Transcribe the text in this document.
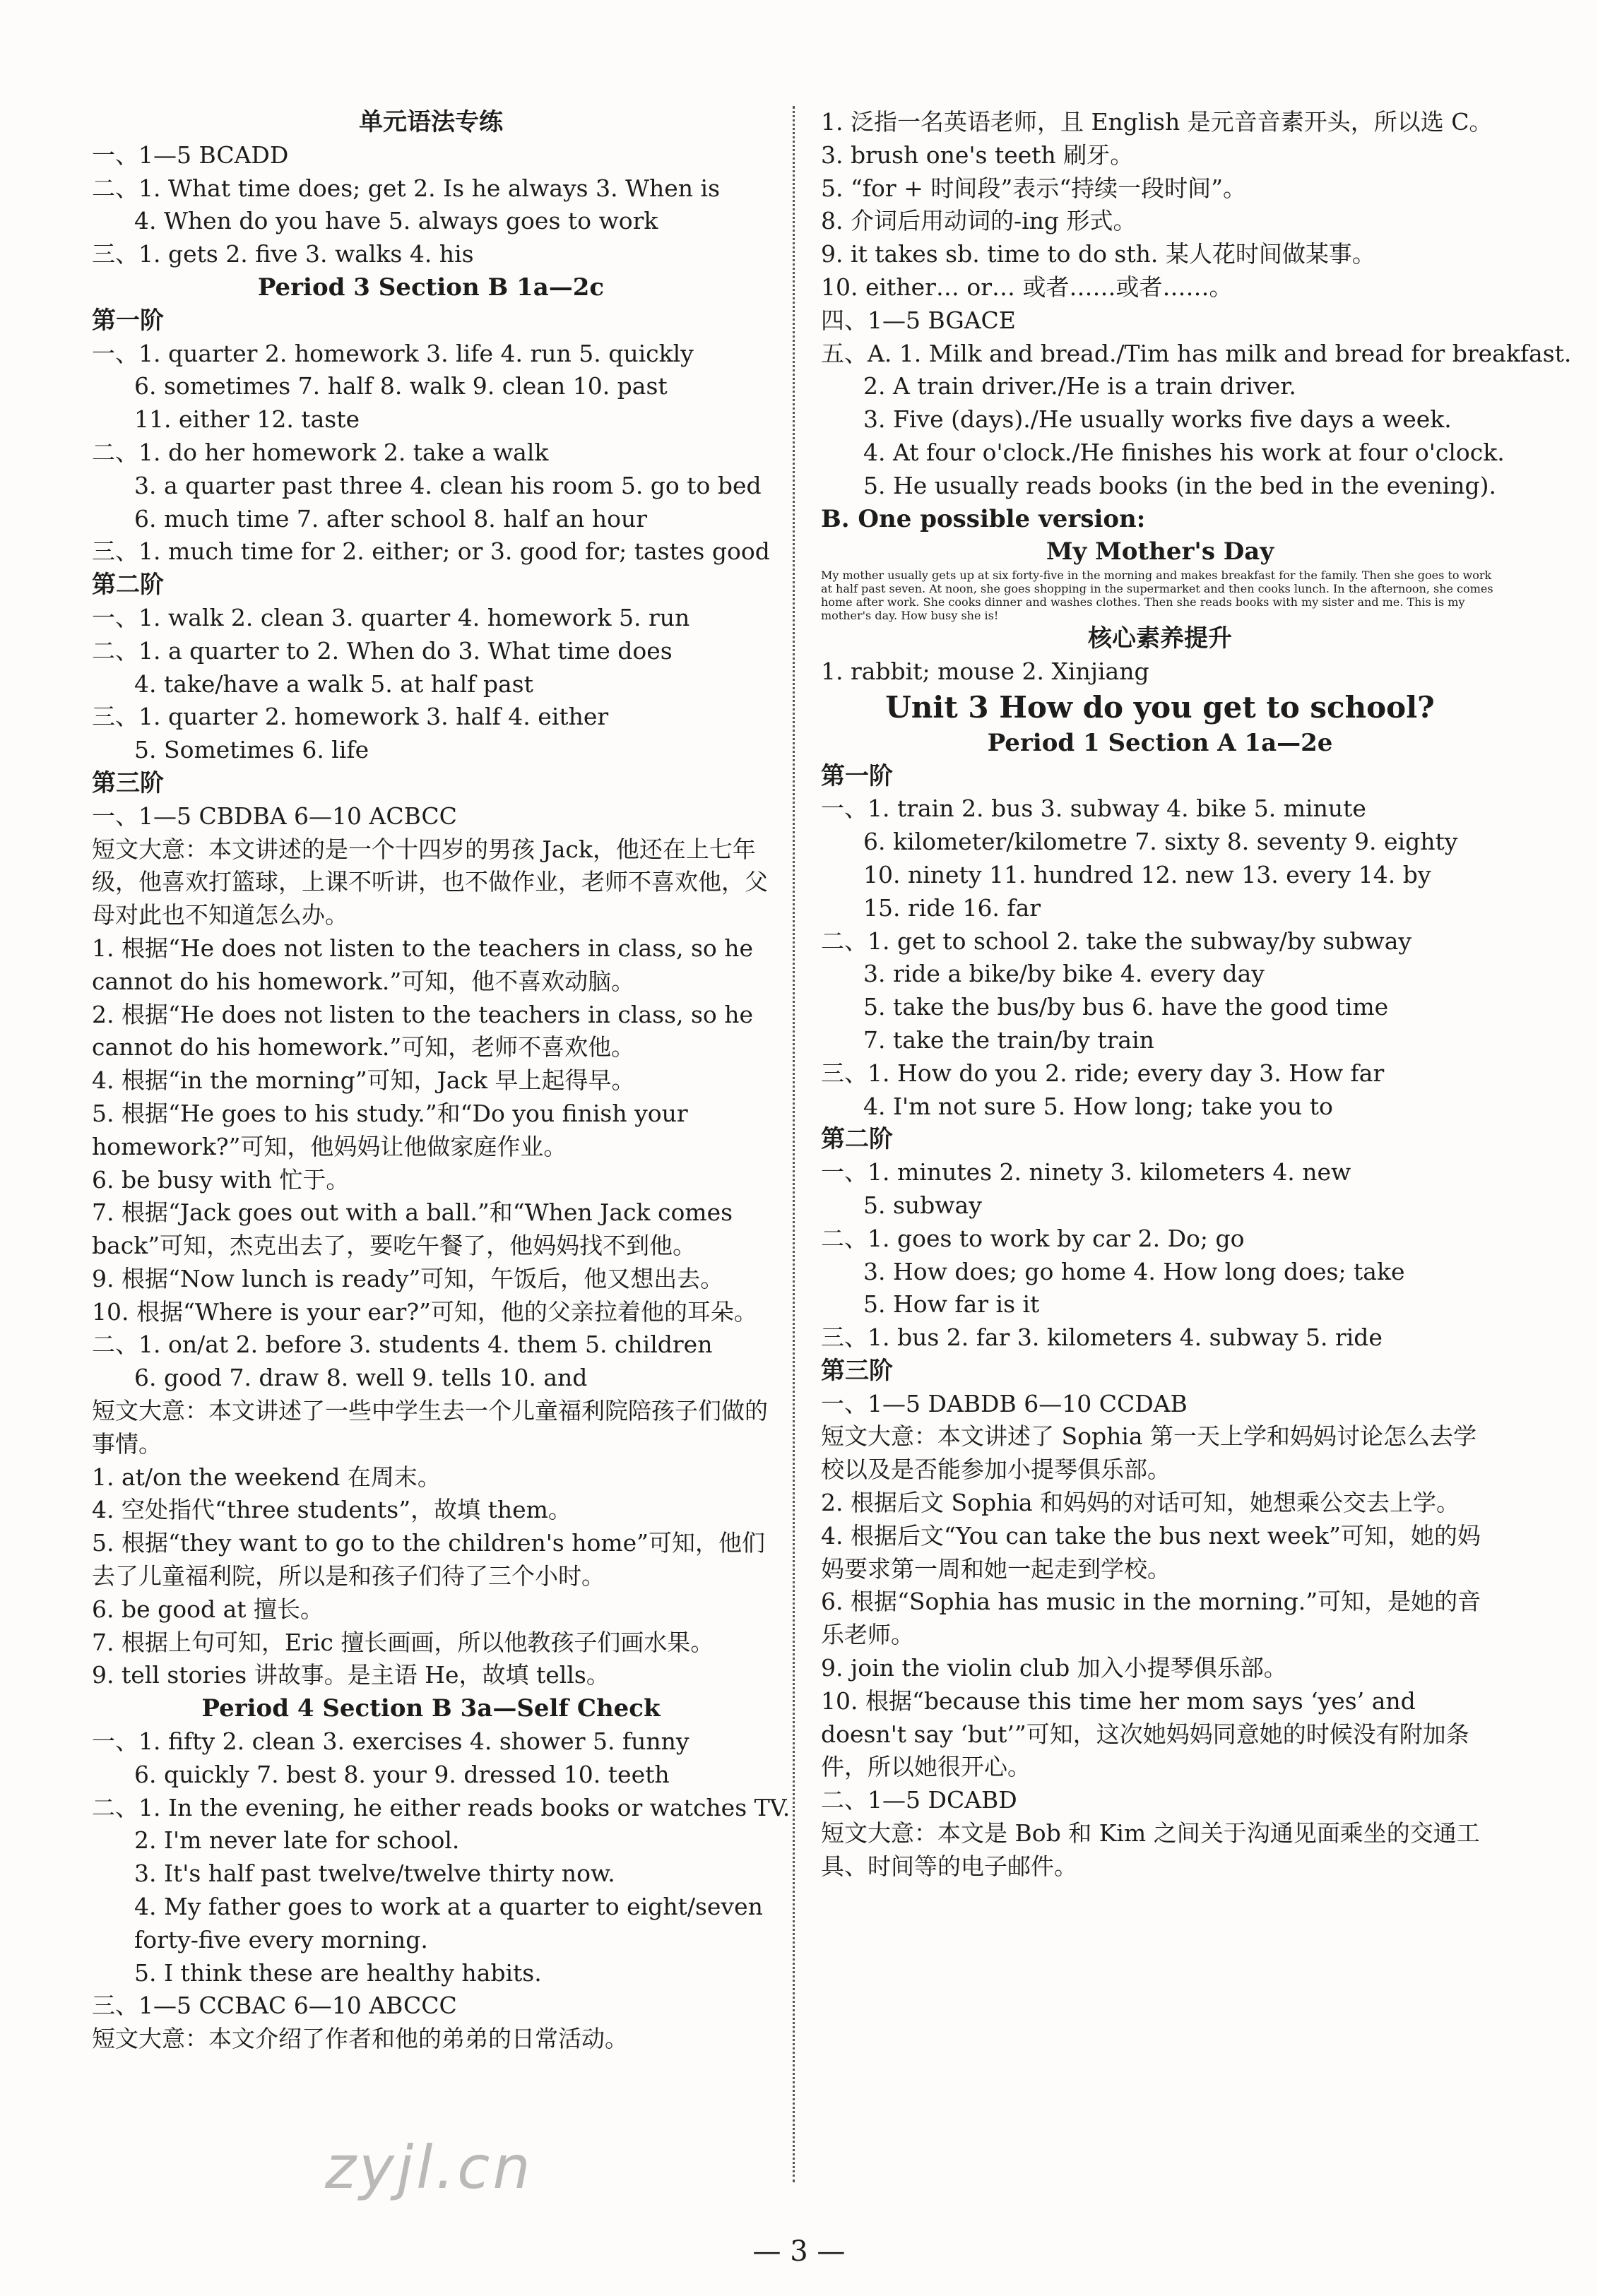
单元语法专练
一、1—5 BCADD
二、1. What time does; get 2. Is he always 3. When is
4. When do you have 5. always goes to work
三、1. gets 2. five 3. walks 4. his
Period 3 Section B 1a—2c
第一阶
一、1. quarter 2. homework 3. life 4. run 5. quickly
6. sometimes 7. half 8. walk 9. clean 10. past
11. either 12. taste
二、1. do her homework 2. take a walk
3. a quarter past three 4. clean his room 5. go to bed
6. much time 7. after school 8. half an hour
三、1. much time for 2. either; or 3. good for; tastes good
第二阶
一、1. walk 2. clean 3. quarter 4. homework 5. run
二、1. a quarter to 2. When do 3. What time does
4. take/have a walk 5. at half past
三、1. quarter 2. homework 3. half 4. either
5. Sometimes 6. life
第三阶
一、1—5 CBDBA 6—10 ACBCC
短文大意：本文讲述的是一个十四岁的男孩 Jack，他还在上七年级，他喜欢打篮球，上课不听讲，也不做作业，老师不喜欢他，父母对此也不知道怎么办。
1. 根据“He does not listen to the teachers in class, so he cannot do his homework.”可知，他不喜欢动脑。
2. 根据“He does not listen to the teachers in class, so he cannot do his homework.”可知，老师不喜欢他。
4. 根据“in the morning”可知，Jack 早上起得早。
5. 根据“He goes to his study.”和“Do you finish your homework?”可知，他妈妈让他做家庭作业。
6. be busy with 忙于。
7. 根据“Jack goes out with a ball.”和“When Jack comes back”可知，杰克出去了，要吃午餐了，他妈妈找不到他。
9. 根据“Now lunch is ready”可知，午饭后，他又想出去。
10. 根据“Where is your ear?”可知，他的父亲拉着他的耳朵。
二、1. on/at 2. before 3. students 4. them 5. children
6. good 7. draw 8. well 9. tells 10. and
短文大意：本文讲述了一些中学生去一个儿童福利院陪孩子们做的事情。
1. at/on the weekend 在周末。
4. 空处指代“three students”，故填 them。
5. 根据“they want to go to the children's home”可知，他们去了儿童福利院，所以是和孩子们待了三个小时。
6. be good at 擅长。
7. 根据上句可知，Eric 擅长画画，所以他教孩子们画水果。
9. tell stories 讲故事。是主语 He，故填 tells。
Period 4 Section B 3a—Self Check
一、1. fifty 2. clean 3. exercises 4. shower 5. funny
6. quickly 7. best 8. your 9. dressed 10. teeth
二、1. In the evening, he either reads books or watches TV.
2. I'm never late for school.
3. It's half past twelve/twelve thirty now.
4. My father goes to work at a quarter to eight/seven forty-five every morning.
5. I think these are healthy habits.
三、1—5 CCBAC 6—10 ABCCC
短文大意：本文介绍了作者和他的弟弟的日常活动。
1. 泛指一名英语老师，且 English 是元音音素开头，所以选 C。
3. brush one's teeth 刷牙。
5. “for + 时间段”表示“持续一段时间”。
8. 介词后用动词的-ing 形式。
9. it takes sb. time to do sth. 某人花时间做某事。
10. either… or… 或者……或者……。
四、1—5 BGACE
五、A. 1. Milk and bread./Tim has milk and bread for breakfast.
2. A train driver./He is a train driver.
3. Five (days)./He usually works five days a week.
4. At four o'clock./He finishes his work at four o'clock.
5. He usually reads books (in the bed in the evening).
B. One possible version:
My Mother's Day
My mother usually gets up at six forty-five in the morning and makes breakfast for the family. Then she goes to work at half past seven. At noon, she goes shopping in the supermarket and then cooks lunch. In the afternoon, she comes home after work. She cooks dinner and washes clothes. Then she reads books with my sister and me. This is my mother's day. How busy she is!
核心素养提升
1. rabbit; mouse 2. Xinjiang
Unit 3 How do you get to school?
Period 1 Section A 1a—2e
第一阶
一、1. train 2. bus 3. subway 4. bike 5. minute
6. kilometer/kilometre 7. sixty 8. seventy 9. eighty
10. ninety 11. hundred 12. new 13. every 14. by
15. ride 16. far
二、1. get to school 2. take the subway/by subway
3. ride a bike/by bike 4. every day
5. take the bus/by bus 6. have the good time
7. take the train/by train
三、1. How do you 2. ride; every day 3. How far
4. I'm not sure 5. How long; take you to
第二阶
一、1. minutes 2. ninety 3. kilometers 4. new
5. subway
二、1. goes to work by car 2. Do; go
3. How does; go home 4. How long does; take
5. How far is it
三、1. bus 2. far 3. kilometers 4. subway 5. ride
第三阶
一、1—5 DABDB 6—10 CCDAB
短文大意：本文讲述了 Sophia 第一天上学和妈妈讨论怎么去学校以及是否能参加小提琴俱乐部。
2. 根据后文 Sophia 和妈妈的对话可知，她想乘公交去上学。
4. 根据后文“You can take the bus next week”可知，她的妈妈要求第一周和她一起走到学校。
6. 根据“Sophia has music in the morning.”可知，是她的音乐老师。
9. join the violin club 加入小提琴俱乐部。
10. 根据“because this time her mom says ‘yes’ and doesn't say ‘but’”可知，这次她妈妈同意她的时候没有附加条件，所以她很开心。
二、1—5 DCABD
短文大意：本文是 Bob 和 Kim 之间关于沟通见面乘坐的交通工具、时间等的电子邮件。
zyjl.cn
— 3 —
